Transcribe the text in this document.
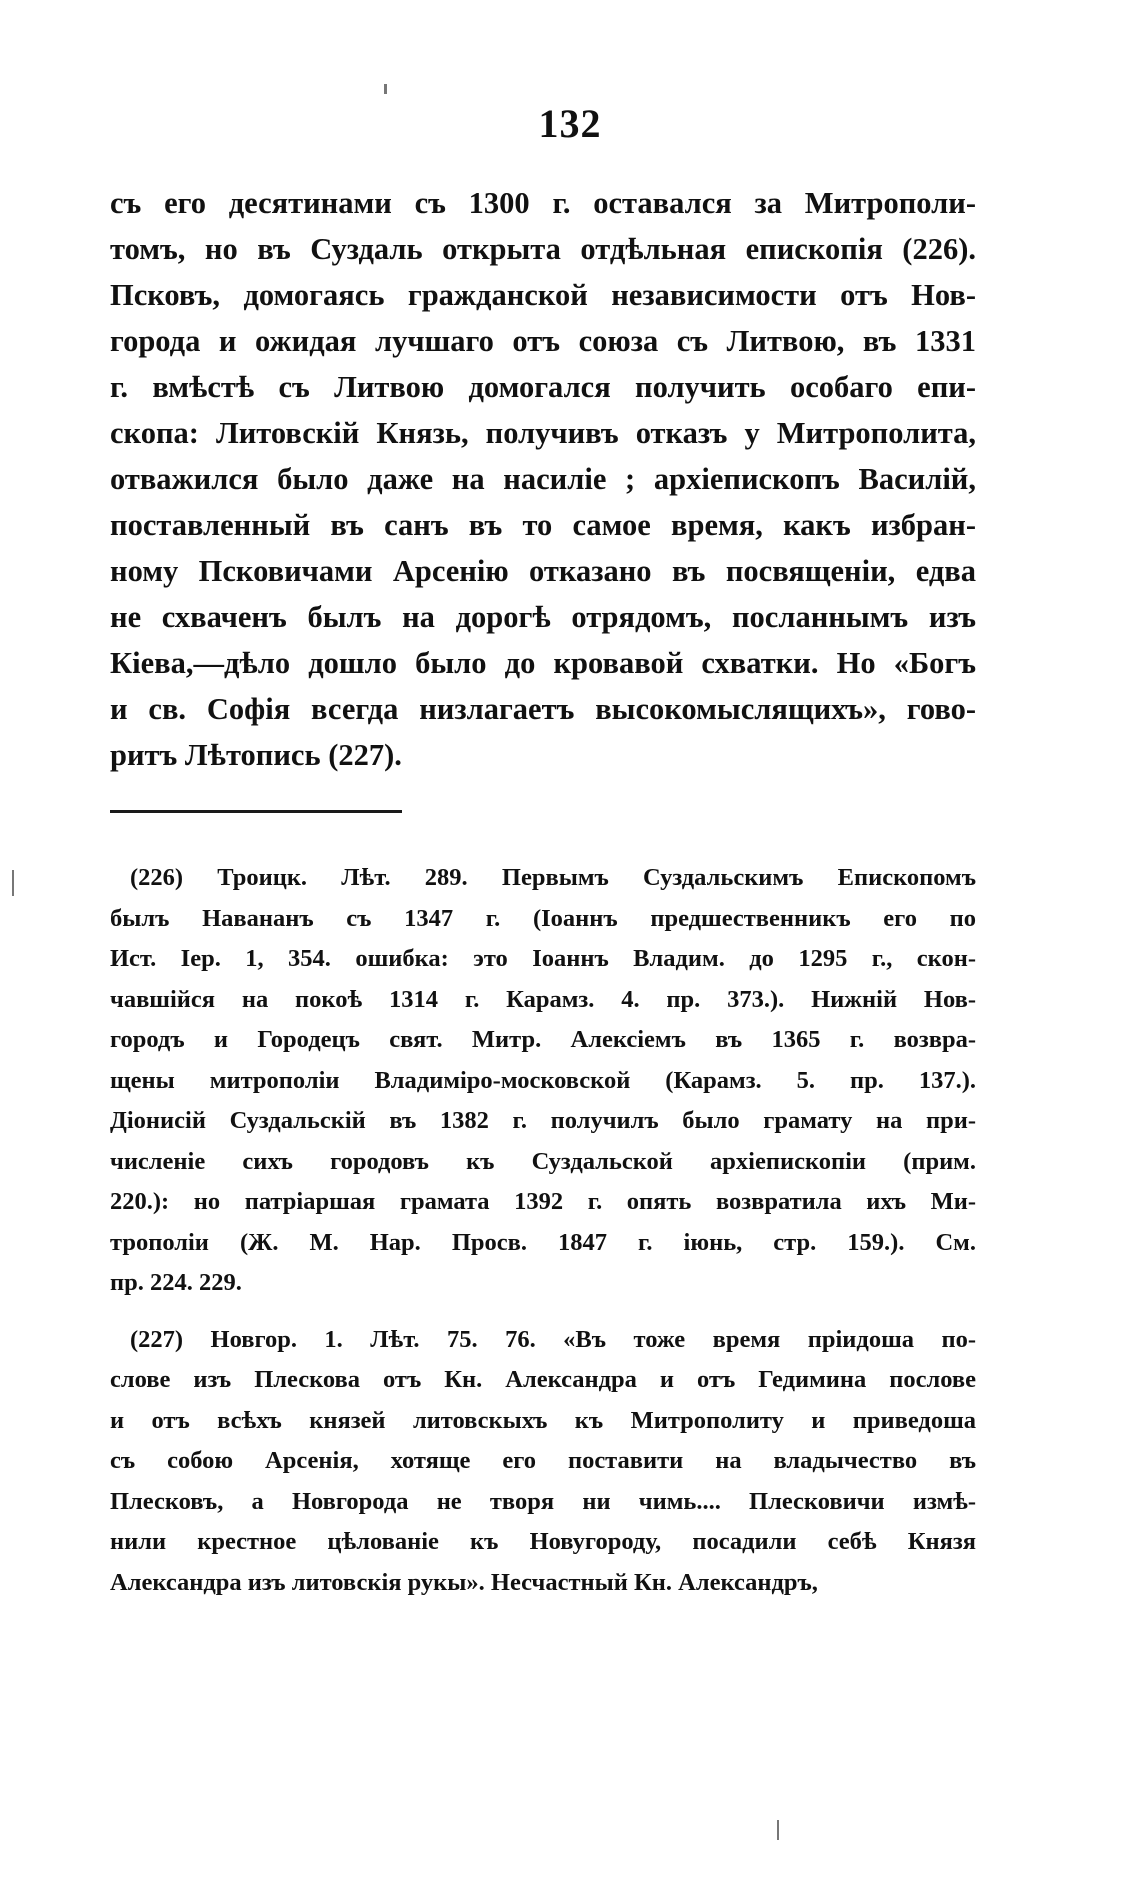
132
съ его десятинами съ 1300 г. оставался за Митрополи-
томъ, но въ Суздаль открыта отдѣльная епископія (226).
Псковъ, домогаясь гражданской независимости отъ Нов-
города и ожидая лучшаго отъ союза съ Литвою, въ 1331
г. вмѣстѣ съ Литвою домогался получить особаго епи-
скопа: Литовскій Князь, получивъ отказъ у Митрополита,
отважился было даже на насиліе ; архіепископъ Василій,
поставленный въ санъ въ то самое время, какъ избран-
ному Псковичами Арсенію отказано въ посвященіи, едва
не схваченъ былъ на дорогѣ отрядомъ, посланнымъ изъ
Кіева,—дѣло дошло было до кровавой схватки. Но «Богъ
и св. Софія всегда низлагаетъ высокомыслящихъ», гово-
ритъ Лѣтопись (227).
(226) Троицк. Лѣт. 289. Первымъ Суздальскимъ Епископомъ
былъ Навананъ съ 1347 г. (Іоаннъ предшественникъ его по
Ист. Іер. 1, 354. ошибка: это Іоаннъ Владим. до 1295 г., скон-
чавшійся на покоѣ 1314 г. Карамз. 4. пр. 373.). Нижній Нов-
городъ и Городецъ свят. Митр. Алексіемъ въ 1365 г. возвра-
щены митрополіи Владиміро-московской (Карамз. 5. пр. 137.).
Діонисій Суздальскій въ 1382 г. получилъ было грамату на при-
численіе сихъ городовъ къ Суздальской архіепископіи (прим.
220.): но патріаршая грамата 1392 г. опять возвратила ихъ Ми-
трополіи (Ж. М. Нар. Просв. 1847 г. іюнь, стр. 159.). См.
пр. 224. 229.
(227) Новгор. 1. Лѣт. 75. 76. «Въ тоже время пріидоша по-
слове изъ Плескова отъ Кн. Александра и отъ Гедимина послове
и отъ всѣхъ князей литовскыхъ къ Митрополиту и приведоша
съ собою Арсенія, хотяще его поставити на владычество въ
Плесковъ, а Новгорода не творя ни чимь.... Плесковичи измѣ-
нили крестное цѣлованіе къ Новугороду, посадили себѣ Князя
Александра изъ литовскія рукы». Несчастный Кн. Александръ,
